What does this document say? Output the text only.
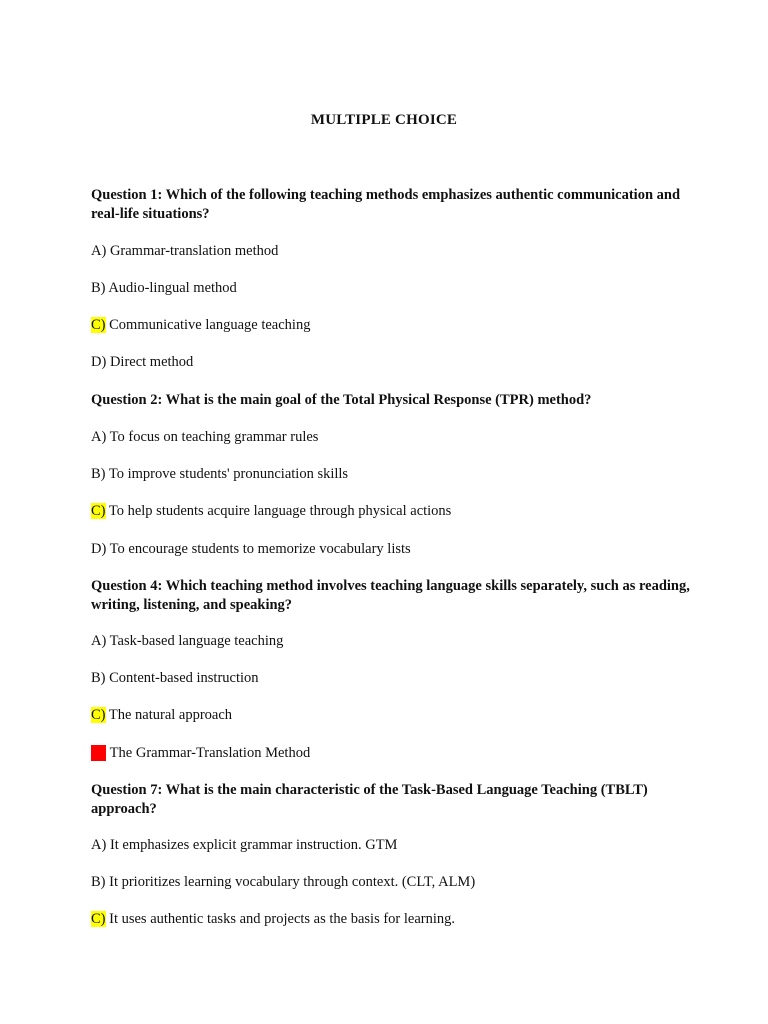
MULTIPLE CHOICE
Question 1: Which of the following teaching methods emphasizes authentic communication and real-life situations?
A) Grammar-translation method
B) Audio-lingual method
C) Communicative language teaching
D) Direct method
Question 2: What is the main goal of the Total Physical Response (TPR) method?
A) To focus on teaching grammar rules
B) To improve students' pronunciation skills
C) To help students acquire language through physical actions
D) To encourage students to memorize vocabulary lists
Question 4: Which teaching method involves teaching language skills separately, such as reading, writing, listening, and speaking?
A) Task-based language teaching
B) Content-based instruction
C) The natural approach
D) The Grammar-Translation Method
Question 7: What is the main characteristic of the Task-Based Language Teaching (TBLT) approach?
A) It emphasizes explicit grammar instruction. GTM
B) It prioritizes learning vocabulary through context. (CLT, ALM)
C) It uses authentic tasks and projects as the basis for learning.
